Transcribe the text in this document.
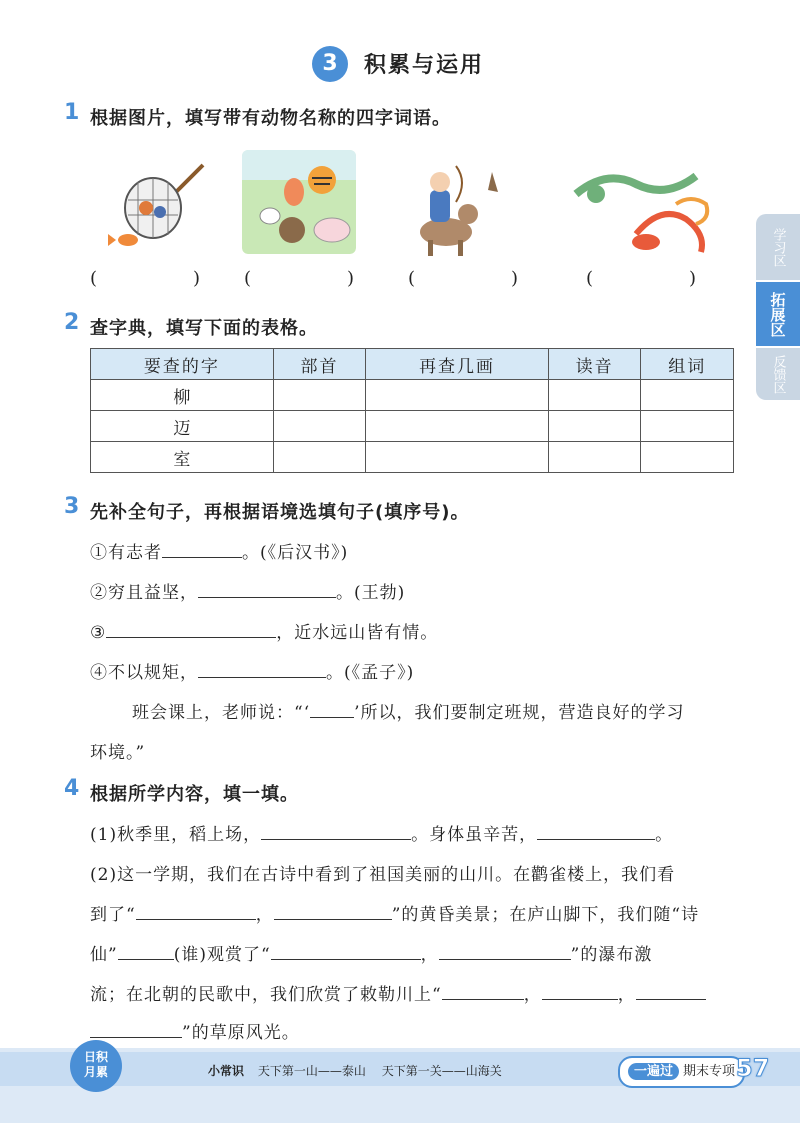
3	积累与运用
学习区
拓展区
反馈区
1 根据图片，填写带有动物名称的四字词语。
(	) (	)	(	)	(	)
2 查字典，填写下面的表格。
要查的字	部首	再查几画	读音	组词
柳				
迈				
室				
3 先补全句子，再根据语境选填句子(填序号)。
①有志者	。(《后汉书》)
②穷且益坚，	。(王勃)
③	，近水远山皆有情。
④不以规矩，	。(《孟子》)
班会课上，老师说：“‘	’所以，我们要制定班规，营造良好的学习
环境。”
4 根据所学内容，填一填。
(1)秋季里，稻上场，	。身体虽辛苦，	。
(2)这一学期，我们在古诗中看到了祖国美丽的山川。在鹳雀楼上，我们看
到了“	，	”的黄昏美景；在庐山脚下，我们随“诗
仙”	(谁)观赏了“	，	”的瀑布激
流；在北朝的民歌中，我们欣赏了敕勒川上“	，	，
”的草原风光。
日积
月累	小常识 天下第一山——泰山 天下第一关——山海关	一遍过 期末专项 57
